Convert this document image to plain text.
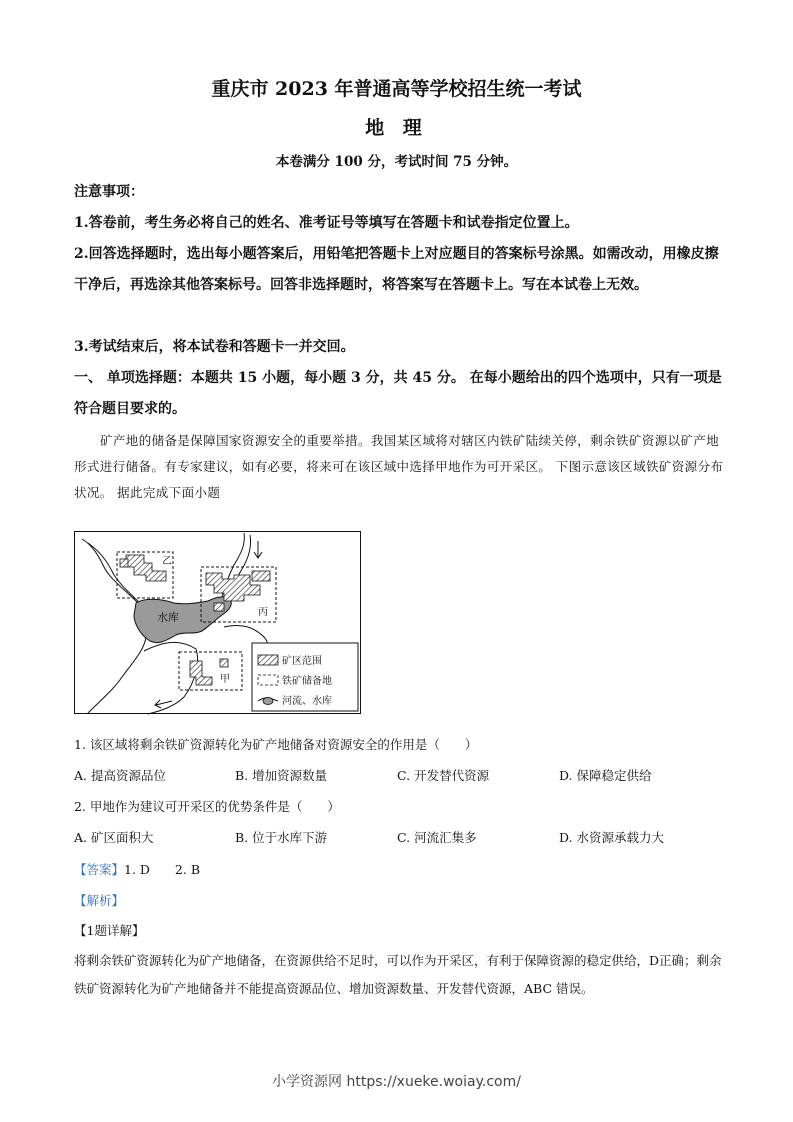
重庆市 2023 年普通高等学校招生统一考试
地 理
本卷满分 100 分，考试时间 75 分钟。
注意事项：
1.答卷前，考生务必将自己的姓名、准考证号等填写在答题卡和试卷指定位置上。
2.回答选择题时，选出每小题答案后，用铅笔把答题卡上对应题目的答案标号涂黑。如需改动，用橡皮擦干净后，再选涂其他答案标号。回答非选择题时，将答案写在答题卡上。写在本试卷上无效。
3.考试结束后，将本试卷和答题卡一并交回。
一、 单项选择题：本题共 15 小题，每小题 3 分，共 45 分。 在每小题给出的四个选项中，只有一项是符合题目要求的。
矿产地的储备是保障国家资源安全的重要举措。我国某区域将对辖区内铁矿陆续关停，剩余铁矿资源以矿产地形式进行储备。有专家建议，如有必要，将来可在该区域中选择甲地作为可开采区。 下图示意该区域铁矿资源分布状况。 据此完成下面小题
水库
乙
丙
甲
矿区范围
铁矿储备地
河流、水库
1. 该区域将剩余铁矿资源转化为矿产地储备对资源安全的作用是（　　）
A. 提高资源品位	B. 增加资源数量	C. 开发替代资源	D. 保障稳定供给
2. 甲地作为建议可开采区的优势条件是（　　）
A. 矿区面积大	B. 位于水库下游	C. 河流汇集多	D. 水资源承载力大
【答案】1. D　　2. B
【解析】
【1题详解】
将剩余铁矿资源转化为矿产地储备，在资源供给不足时，可以作为开采区，有利于保障资源的稳定供给，D正确；剩余铁矿资源转化为矿产地储备并不能提高资源品位、增加资源数量、开发替代资源，ABC 错误。
小学资源网 https://xueke.woiay.com/
